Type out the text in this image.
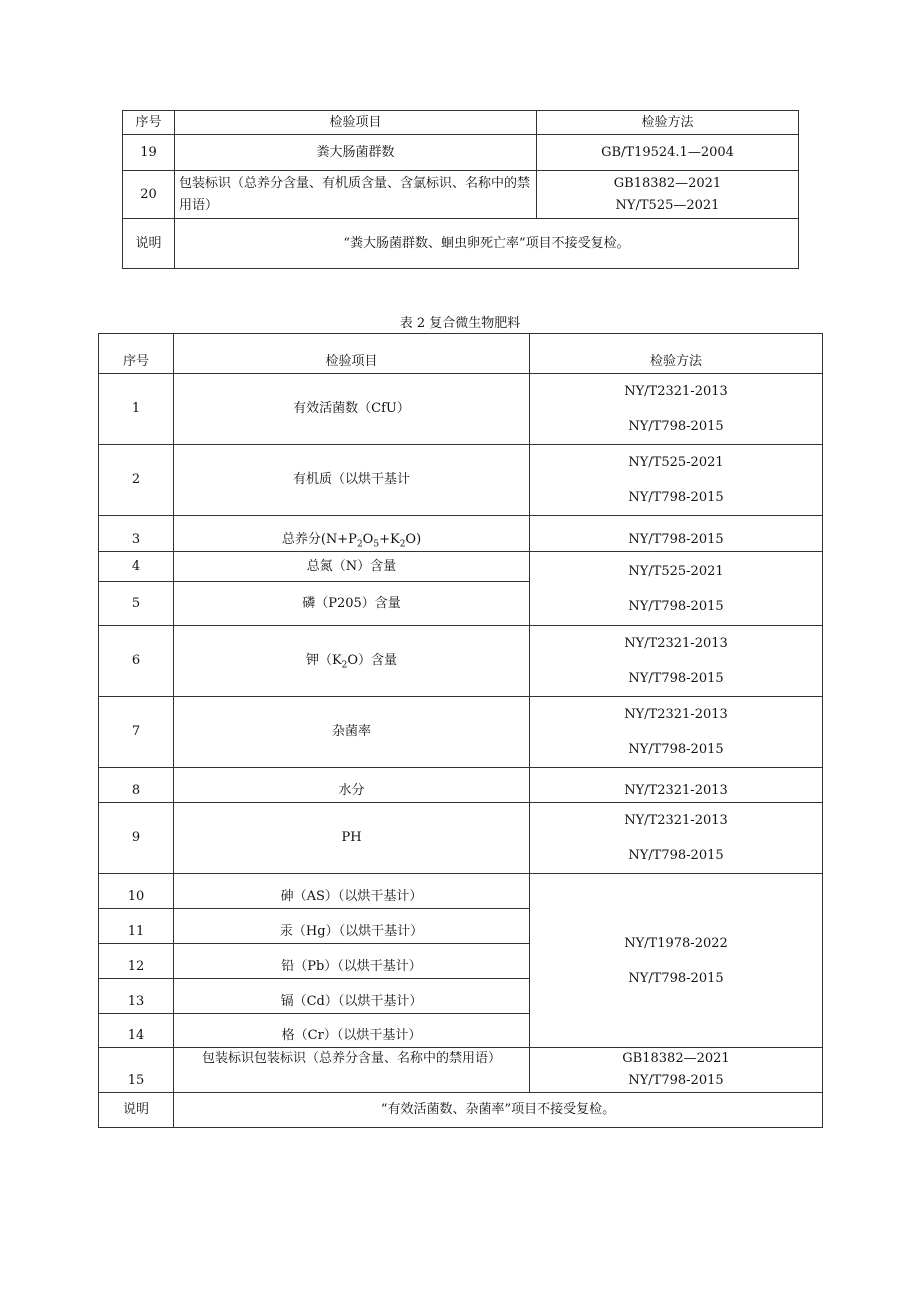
序号	检验项目	检验方法
19	粪大肠菌群数	GB/T19524.1—2004

20	包装标识（总养分含量、有机质含量、含氯标识、名称中的禁用语）	GB18382—2021
NY/T525—2021

说明	“粪大肠菌群数、蛔虫卵死亡率”项目不接受复检。	
表 2 复合微生物肥料
序号	检验项目	检验方法
1	有效活菌数（CfU）	NY/T2321-2013
NY/T798-2015

2	有机质（以烘干基计	NY/T525-2021
NY/T798-2015

3	总养分$(N+P_2O_5+K_2O)$	NY/T798-2015

4	总氮（N）含量	NY/T525-2021
NY/T798-2015

5	磷（P205）含量	
6	钾$(K_2O)$含量	NY/T2321-2013
NY/T798-2015

7	杂菌率	NY/T2321-2013
NY/T798-2015

8	水分	NY/T2321-2013

9	PH	NY/T2321-2013
NY/T798-2015

10	砷（AS）（以烘干基计）	NY/T1978-2022
NY/T798-2015

11	汞（Hg）（以烘干基计）	
12	铅（Pb）（以烘干基计）	
13	镉（Cd）（以烘干基计）	
14	格（Cr）（以烘干基计）	
15	包装标识包装标识（总养分含量、名称中的禁用语）	GB18382—2021
NY/T798-2015

说明	“有效活菌数、杂菌率”项目不接受复检。	
